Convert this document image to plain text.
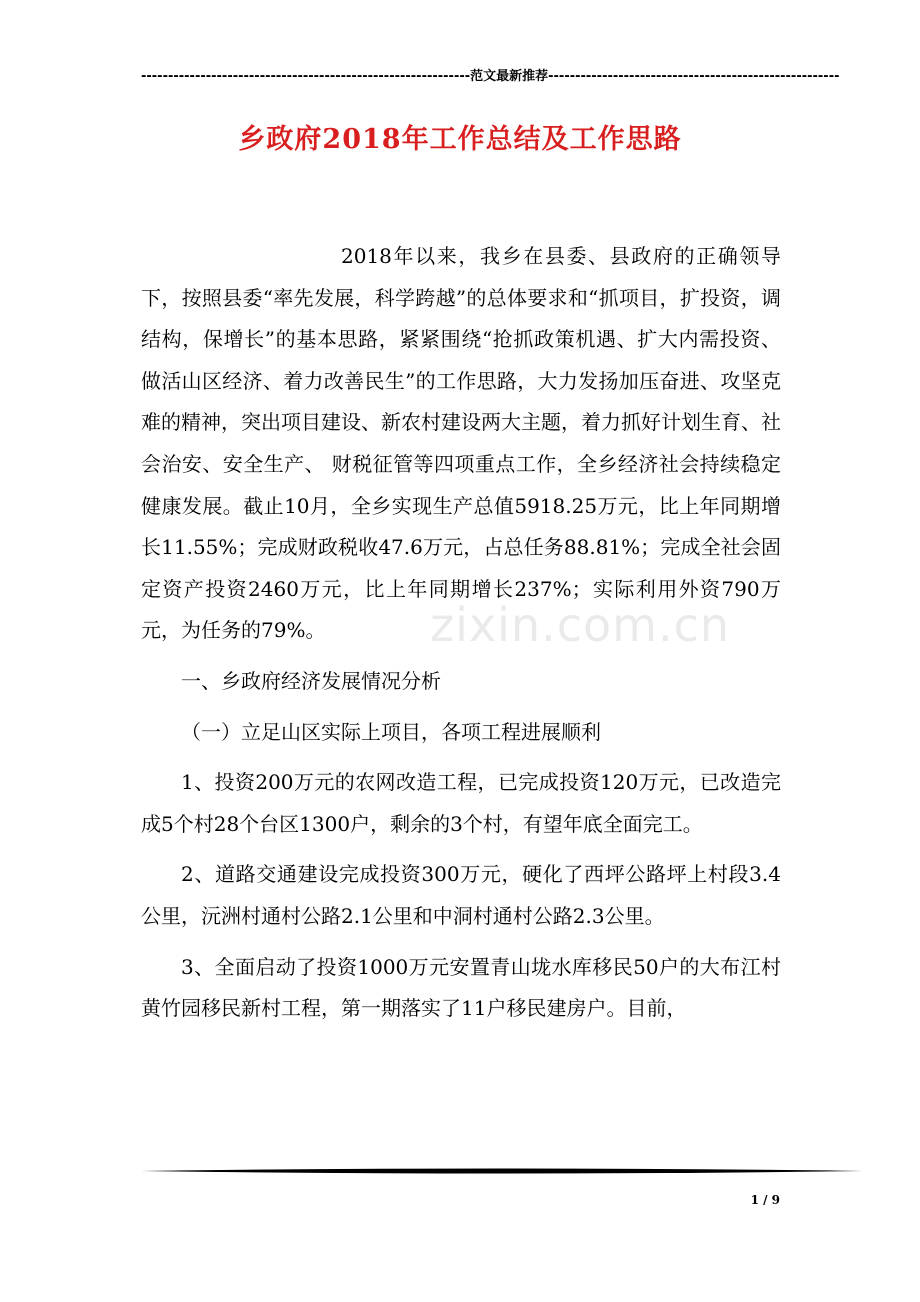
-------------------------------------------------------------范文最新推荐------------------------------------------------------
乡政府2018年工作总结及工作思路
zixin.com.cn

2018年以来，我乡在县委、县政府的正确领导下，按照县委“率先发展，科学跨越”的总体要求和“抓项目，扩投资，调结构，保增长”的基本思路，紧紧围绕“抢抓政策机遇、扩大内需投资、做活山区经济、着力改善民生”的工作思路，大力发扬加压奋进、攻坚克难的精神，突出项目建设、新农村建设两大主题，着力抓好计划生育、社会治安、安全生产、 财税征管等四项重点工作，全乡经济社会持续稳定健康发展。截止10月，全乡实现生产总值5918.25万元，比上年同期增长11.55%；完成财政税收47.6万元，占总任务88.81%；完成全社会固定资产投资2460万元，比上年同期增长237%；实际利用外资790万元，为任务的79%。

一、乡政府经济发展情况分析

（一）立足山区实际上项目，各项工程进展顺利

1、投资200万元的农网改造工程，已完成投资120万元，已改造完成5个村28个台区1300户，剩余的3个村，有望年底全面完工。

2、道路交通建设完成投资300万元，硬化了西坪公路坪上村段3.4公里，沅洲村通村公路2.1公里和中洞村通村公路2.3公里。

3、全面启动了投资1000万元安置青山垅水库移民50户的大布江村黄竹园移民新村工程，第一期落实了11户移民建房户。目前，

1 / 9
